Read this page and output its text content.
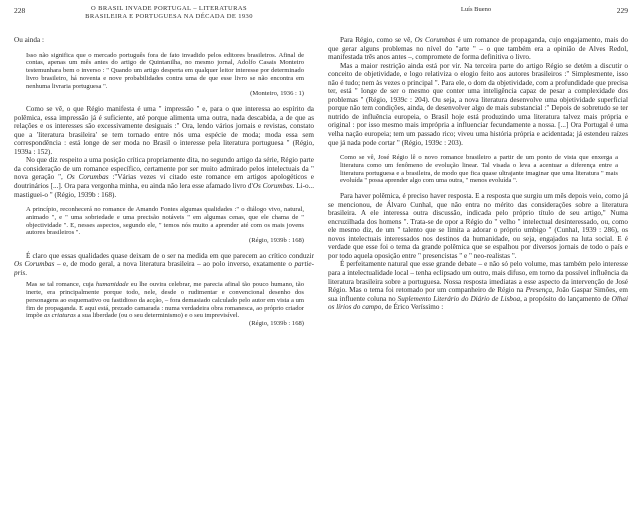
228	O BRASIL INVADE PORTUGAL – LITERATURAS
BRASILEIRA E PORTUGUESA NA DÉCADA DE 1930

Ou ainda :

Isso não significa que o mercado português fora de fato invadido pelos editores brasileiros. Afinal de contas, apenas um mês antes do artigo de Quintanilha, no mesmo jornal, Adolfo Casais Monteiro testemunhara bem o inverso : " Quando um artigo desperta em qualquer leitor interesse por determinado livro brasileiro, há noventa e nove probabilidades contra uma de que esse livro se não encontra em nenhuma livraria portuguesa ".

(Monteiro, 1936 : 1)

Como se vê, o que Régio manifesta é uma " impressão " e, para o que interessa ao espírito da polêmica, essa impressão já é suficiente, até porque alimenta uma outra, nada descabida, a de que as relações e os interesses são excessivamente desiguais :" Ora, lendo vários jornais e revistas, constato que a 'literatura brasileira' se tem tornado entre nós uma espécie de moda; moda essa sem correspondência : está longe de ser moda no Brasil o interesse pela literatura portuguesa " (Régio, 1939a : 152).

No que diz respeito a uma posição crítica propriamente dita, no segundo artigo da série, Régio parte da consideração de um romance específico, certamente por ser muito admirado pelos intelectuais da " nova geração ", Os Corumbas :"Várias vezes vi citado este romance em artigos apologéticos e doutrinários [...]. Ora para vergonha minha, eu ainda não lera esse afamado livro d'Os Corumbas. Li-o... mastiguei-o " (Régio, 1939b : 168).

A princípio, reconhecerá no romance de Amando Fontes algumas qualidades :" o diálogo vivo, natural, animado ", e " uma sobriedade e uma precisão notáveis " em algumas cenas, que ele chama de " objectividade ". E, nesses aspectos, segundo ele, " temos nós muito a aprender até com os mais jovens autores brasileiros ".

(Régio, 1939b : 168)

É claro que essas qualidades quase deixam de o ser na medida em que parecem ao crítico conduzir Os Corumbas – e, de modo geral, a nova literatura brasileira – ao polo inverso, exatamente o partie-pris.

Mas se tal romance, cuja humanidade eu lhe ouvira celebrar, me parecia afinal tão pouco humano, tão inerte, era principalmente porque todo, nele, desde o rudimentar e convencional desenho dos personagens ao esquemativo ou fastidioso da acção, – fora demasiado calculado pelo autor em vista a um fim de propaganda. E aqui está, prezado camarada : numa verdadeira obra romanesca, ao próprio criador impõe as criaturas a sua liberdade (ou o seu determinismo) e o seu imprevisível.

(Régio, 1939b : 168)

Luís Bueno	229

Para Régio, como se vê, Os Corumbas é um romance de propaganda, cujo engajamento, mais do que gerar alguns problemas no nível do "arte " – o que também era a opinião de Alves Redol, manifestada três anos antes –, compromete de forma definitiva o livro.

Mas a maior restrição ainda está por vir. Na terceira parte do artigo Régio se detém a discutir o conceito de objetividade, e logo relativiza o elogio feito aos autores brasileiros :" Simplesmente, isso não é tudo; nem às vezes o principal ". Para ele, o dom da objetividade, com a profundidade que precisa ter, está " longe de ser o mesmo que conter uma inteligência capaz de pesar a complexidade dos problemas " (Régio, 1939c : 204). Ou seja, a nova literatura desenvolve uma objetividade superficial porque não tem condições, ainda, de desenvolver algo de mais substancial :" Depois de sobretudo se ter nutrido de influência europeia, o Brasil hoje está produzindo uma literatura talvez mais própria e original : por isso mesmo mais imprópria a influenciar fecundamente a nossa. [...] Ora Portugal é uma velha nação europeia; tem um passado rico; viveu uma história própria e acidentada; já estendeu raízes que já nada pode cortar " (Régio, 1939c : 203).

Como se vê, José Régio lê o novo romance brasileiro a partir de um ponto de vista que enxerga a literatura como um fenômeno de evolução linear. Tal visada o leva a acentuar a diferença entre a literatura portuguesa e a brasileira, de modo que fica quase ultrajante imaginar que uma literatura " mais evoluída " possa aprender algo com uma outra, " menos evoluída ".

Para haver polêmica, é preciso haver resposta. E a resposta que surgiu um mês depois veio, como já se mencionou, de Álvaro Cunhal, que não entra no mérito das considerações sobre a literatura brasileira. A ele interessa outra discussão, indicada pelo próprio título de seu artigo," Numa encruzilhada dos homens ". Trata-se de opor a Régio do " velho " intelectual desinteressado, ou, como ele mesmo diz, de um " talento que se limita a adorar o próprio umbigo " (Cunhal, 1939 : 286), os novos intelectuais interessados nos destinos da humanidade, ou seja, engajados na luta social. E é verdade que esse foi o tema da grande polêmica que se espalhou por diversos jornais de todo o país e por todo aquela oposição entre " presencistas " e " neo-realistas ".

É perfeitamente natural que esse grande debate – e não só pelo volume, mas também pelo interesse para a intelectualidade local – tenha eclipsado um outro, mais difuso, em torno da possível influência da literatura brasileira sobre a portuguesa. Nossa resposta imediatas a esse aspecto da intervenção de José Régio. Mas o tema foi retomado por um companheiro de Régio na Presença, João Gaspar Simões, em sua influente coluna no Suplemento Literário do Diário de Lisboa, a propósito do lançamento de Olhai os lírios do campo, de Érico Veríssimo :
